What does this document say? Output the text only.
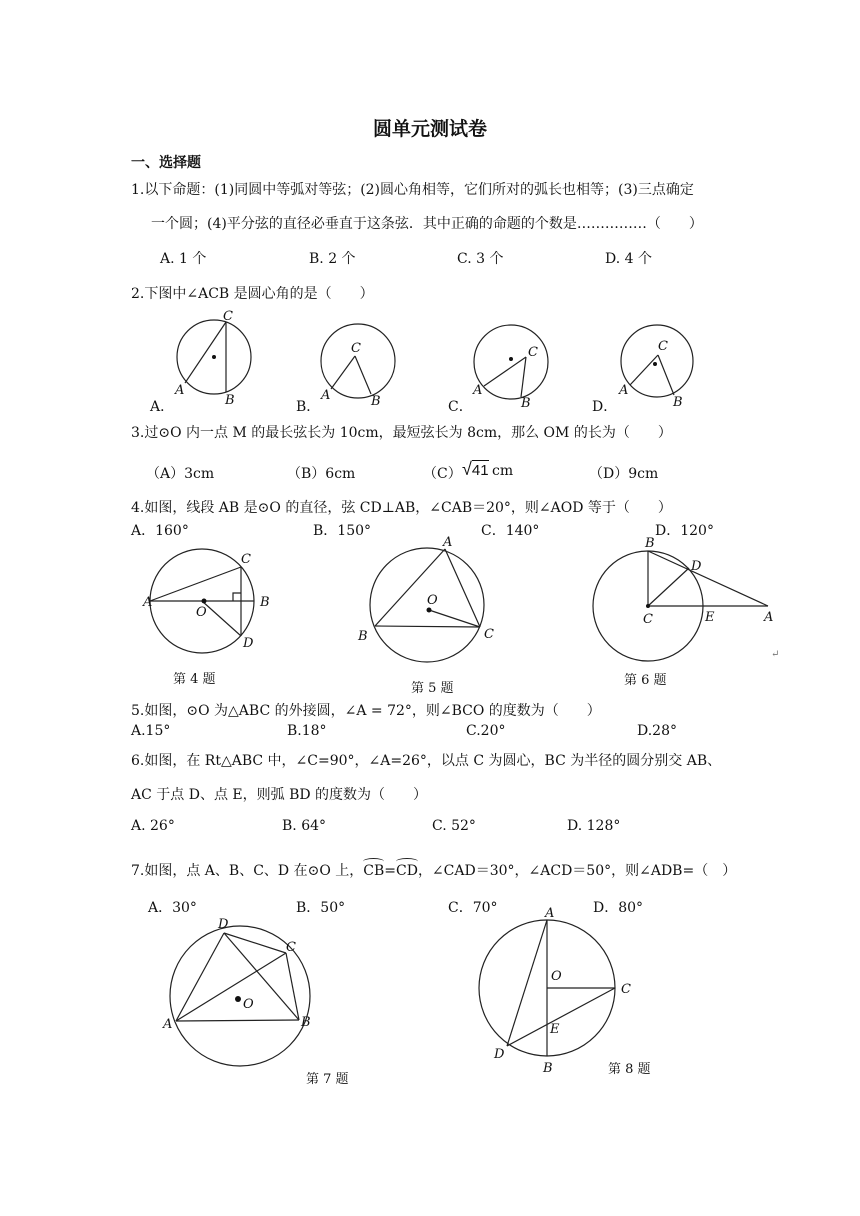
圆单元测试卷
一、选择题
1.以下命题：(1)同圆中等弧对等弦；(2)圆心角相等，它们所对的弧长也相等；(3)三点确定
一个圆；(4)平分弦的直径必垂直于这条弦．其中正确的命题的个数是……………（　　）
A. 1 个	B. 2 个	C. 3 个	D. 4 个
2.下图中∠ACB 是圆心角的是（　　）
A．	B．	C．	D．
3.过⊙O 内一点 M 的最长弦长为 10cm，最短弦长为 8cm，那么 OM 的长为（　　）
（A）3cm	（B）6cm	（C） √41 cm	（D）9cm
4.如图，线段 AB 是⊙O 的直径，弦 CD⊥AB，∠CAB＝20°，则∠AOD 等于（　　）
A．160°	B．150°	C．140°	D．120°
第 4 题
第 5 题
第 6 题
↵
5.如图，⊙O 为△ABC 的外接圆，∠A = 72°，则∠BCO 的度数为（　　）
A.15°	B.18°	C.20°	D.28°
6.如图，在 Rt△ABC 中，∠C=90°，∠A=26°，以点 C 为圆心，BC 为半径的圆分别交 AB、
AC 于点 D、点 E，则弧 BD 的度数为（　　）
A. 26°	B. 64°	C. 52°	D. 128°
7.如图，点 A、B、C、D 在⊙O 上，CB=CD，∠CAD＝30°，∠ACD＝50°，则∠ADB=（　）
A．30°	B．50°	C．70°	D．80°
第 7 题
第 8 题
C
A
B
C
A	B
C
A
B
C
A
B
A
O
B
C
D
A
O
B	C
B
D
C	E	A
D
C
O
A	B
A
O
C
E
D
B
